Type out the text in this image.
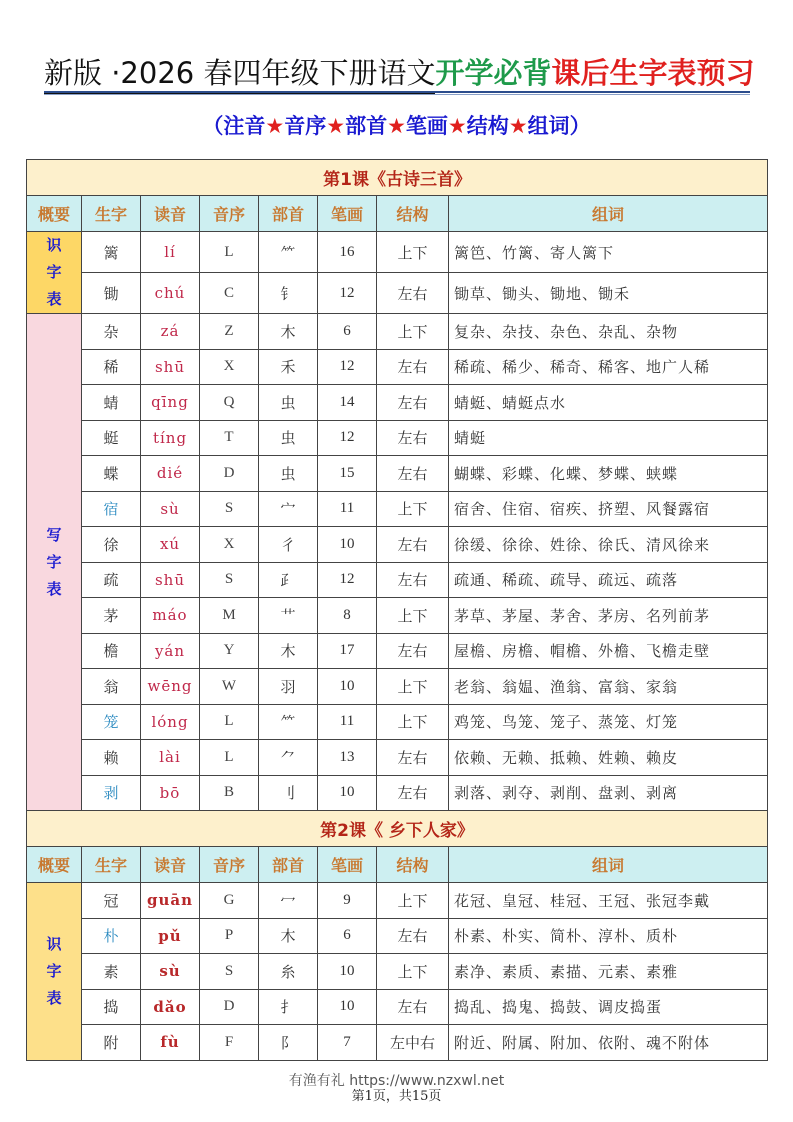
新版 ·2026 春四年级下册语文开学必背课后生字表预习
（注音★音序★部首★笔画★结构★组词）
第1课《古诗三首》							
概要	生字	读音	音序	部首	笔画	结构	组词

识
字
表	篱	lí	L	⺮	16	上下	篱笆、竹篱、寄人篱下
	锄	chú	C	钅	12	左右	锄草、锄头、锄地、锄禾

写
字
表	杂	zá	Z	木	6	上下	复杂、杂技、杂色、杂乱、杂物
	稀	shū	X	禾	12	左右	稀疏、稀少、稀奇、稀客、地广人稀
	蜻	qīng	Q	虫	14	左右	蜻蜓、蜻蜓点水
	蜓	tíng	T	虫	12	左右	蜻蜓
	蝶	dié	D	虫	15	左右	蝴蝶、彩蝶、化蝶、梦蝶、蛱蝶
	宿	sù	S	宀	11	上下	宿舍、住宿、宿疾、挤塑、风餐露宿
	徐	xú	X	彳	10	左右	徐缓、徐徐、姓徐、徐氏、清风徐来
	疏	shū	S	⺪	12	左右	疏通、稀疏、疏导、疏远、疏落
	茅	máo	M	艹	8	上下	茅草、茅屋、茅舍、茅房、名列前茅
	檐	yán	Y	木	17	左右	屋檐、房檐、帽檐、外檐、飞檐走壁
	翁	wēng	W	羽	10	上下	老翁、翁媪、渔翁、富翁、家翁
	笼	lóng	L	⺮	11	上下	鸡笼、鸟笼、笼子、蒸笼、灯笼
	赖	lài	L	⺈	13	左右	依赖、无赖、抵赖、姓赖、赖皮
	剥	bō	B	刂	10	左右	剥落、剥夺、剥削、盘剥、剥离
第2课《 乡下人家》							
概要	生字	读音	音序	部首	笔画	结构	组词

识
字
表	冠	guān	G	冖	9	上下	花冠、皇冠、桂冠、王冠、张冠李戴
	朴	pǔ	P	木	6	左右	朴素、朴实、简朴、淳朴、质朴
	素	sù	S	糸	10	上下	素净、素质、素描、元素、素雅
	捣	dǎo	D	扌	10	左右	捣乱、捣鬼、捣鼓、调皮捣蛋
	附	fù	F	阝	7	左中右	附近、附属、附加、依附、魂不附体
有渔有礼 https://www.nzxwl.net
第1页，共15页
